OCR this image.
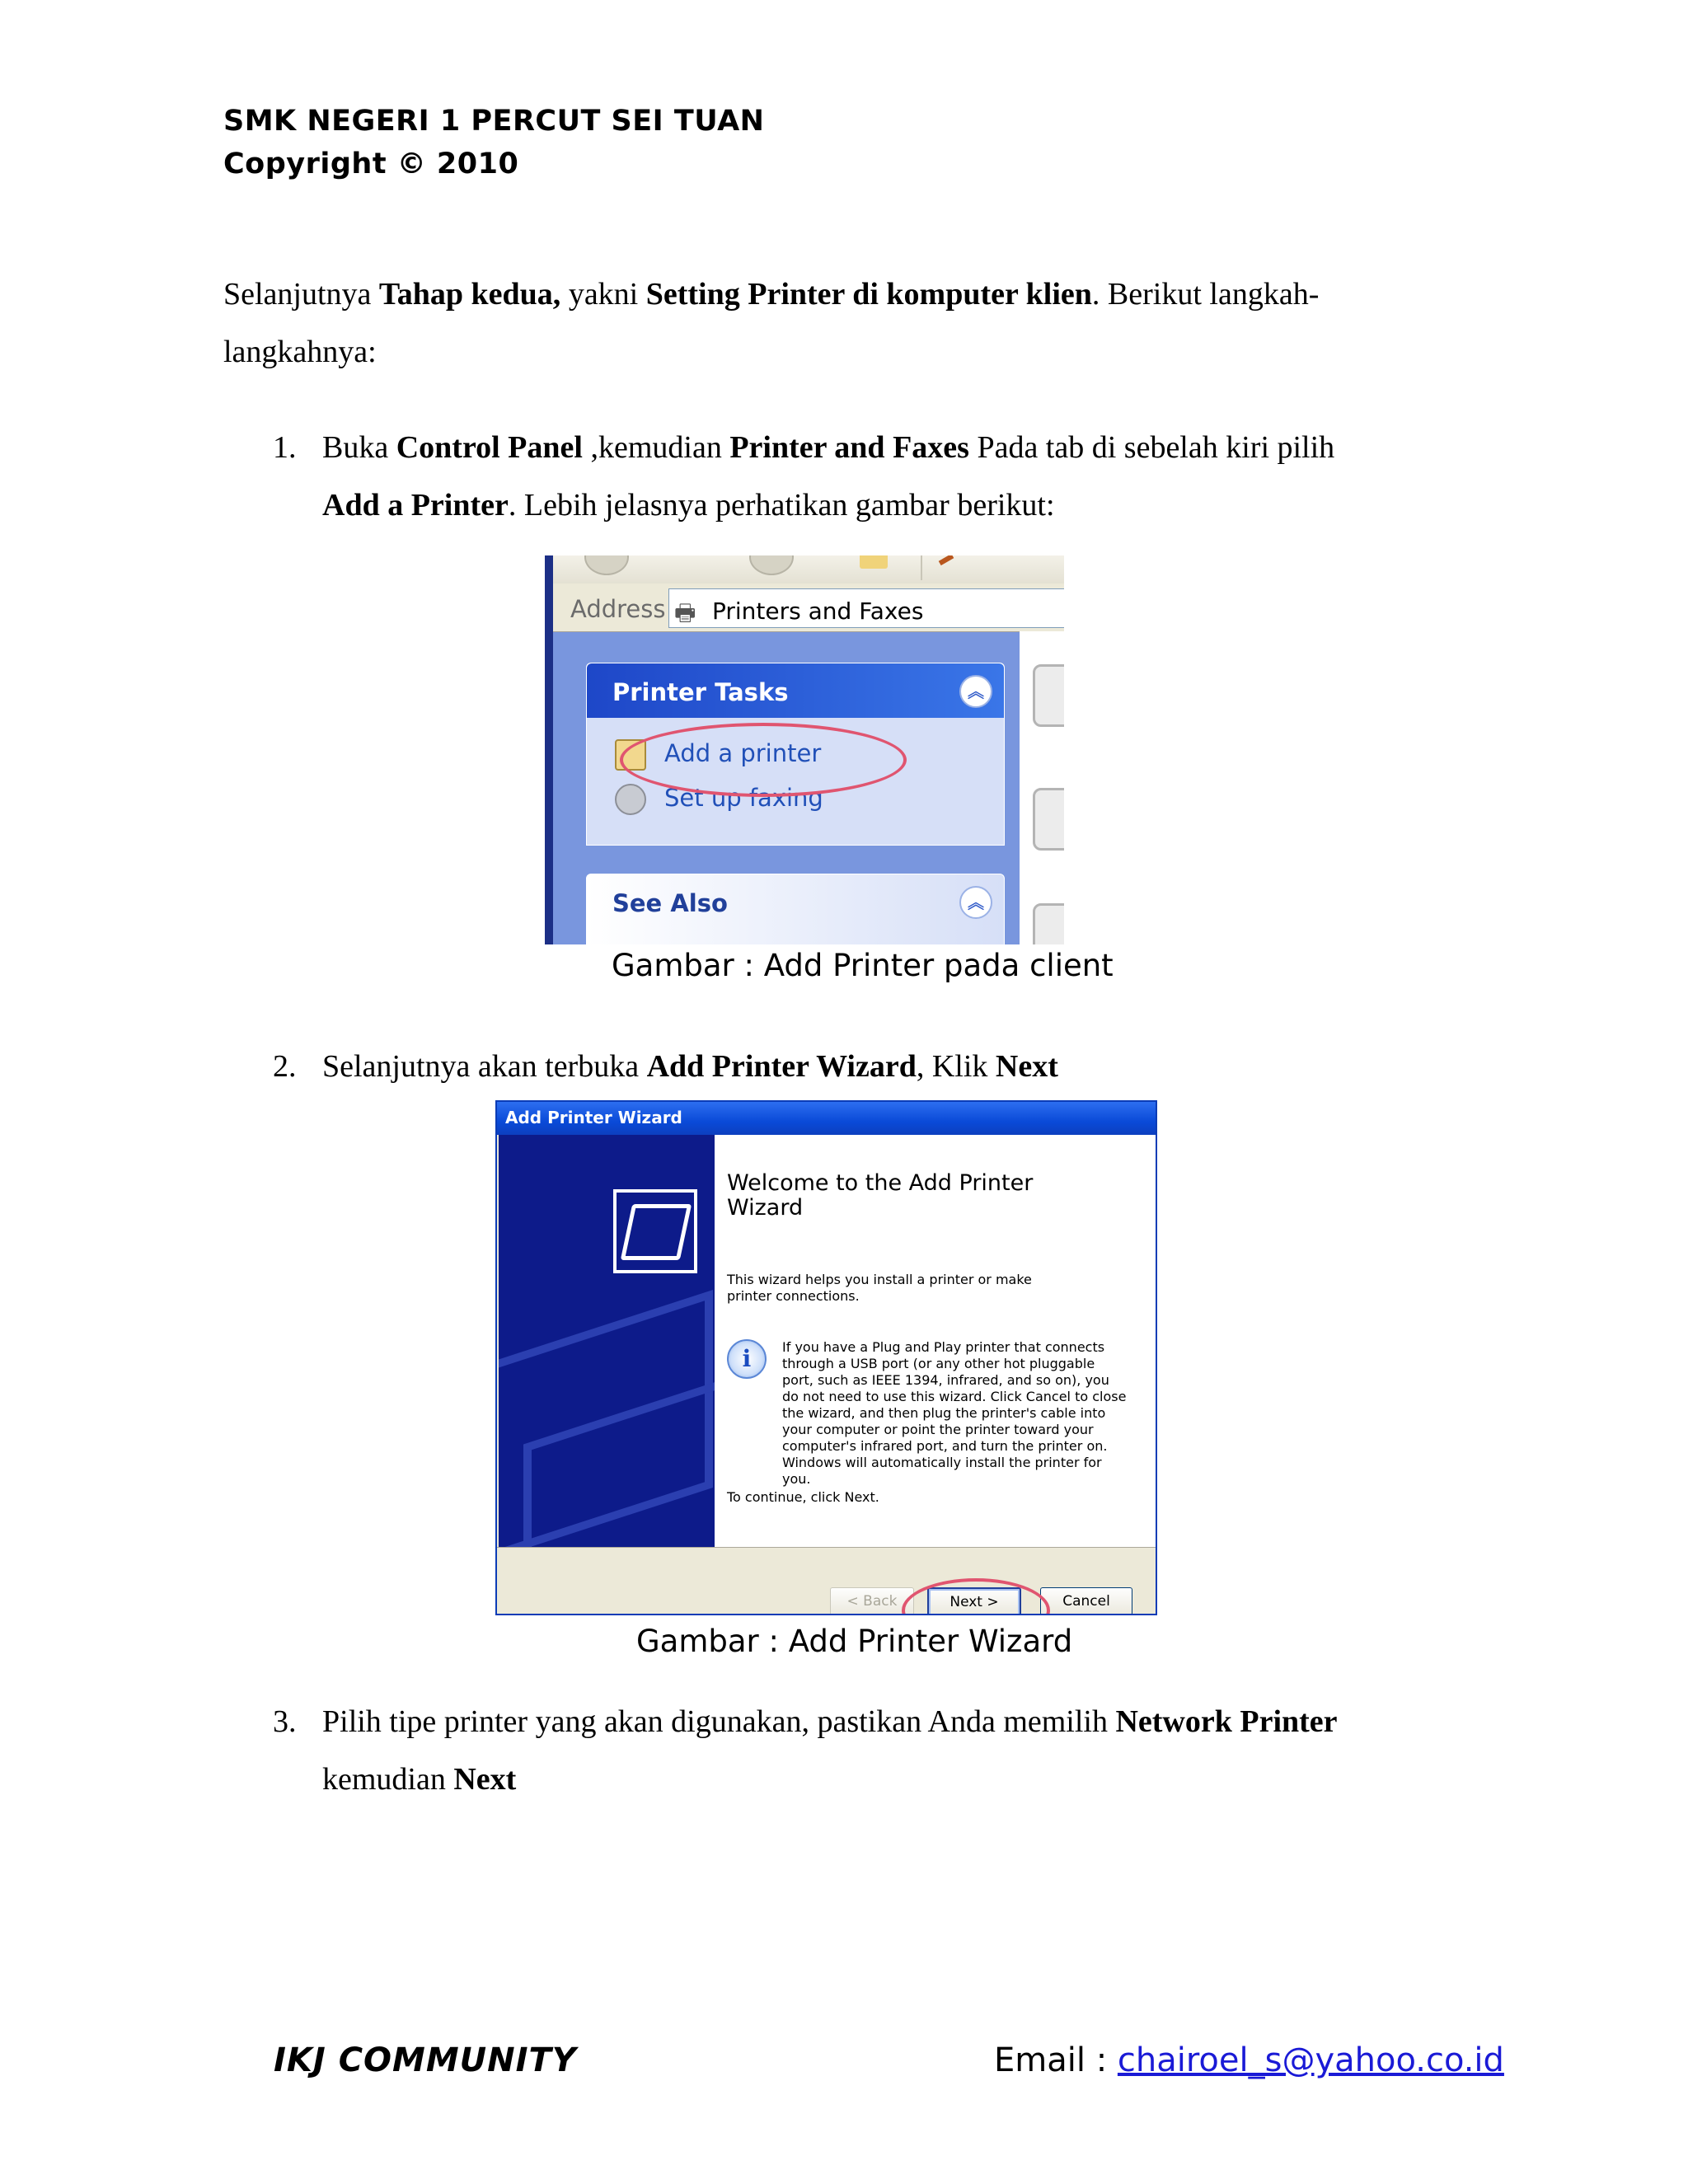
SMK NEGERI 1 PERCUT SEI TUAN
Copyright © 2010
Selanjutnya Tahap kedua, yakni Setting Printer di komputer klien. Berikut langkah-
langkahnya:
1. Buka Control Panel ,kemudian Printer and Faxes Pada tab di sebelah kiri pilih
Add a Printer. Lebih jelasnya perhatikan gambar berikut:
Address 🖶 Printers and Faxes
Printer Tasks	︽
Add a printer
Set up faxing
See Also	︽
Gambar : Add Printer pada client
2. Selanjutnya akan terbuka Add Printer Wizard, Klik Next
Add Printer Wizard
Welcome to the Add Printer Wizard
This wizard helps you install a printer or make printer connections.
i	If you have a Plug and Play printer that connects through a USB port (or any other hot pluggable port, such as IEEE 1394, infrared, and so on), you do not need to use this wizard. Click Cancel to close the wizard, and then plug the printer's cable into your computer or point the printer toward your computer's infrared port, and turn the printer on. Windows will automatically install the printer for you.
To continue, click Next.
< Back	Next >	Cancel
Gambar : Add Printer Wizard
3. Pilih tipe printer yang akan digunakan, pastikan Anda memilih Network Printer
kemudian Next
IKJ COMMUNITY	Email : chairoel_s@yahoo.co.id
